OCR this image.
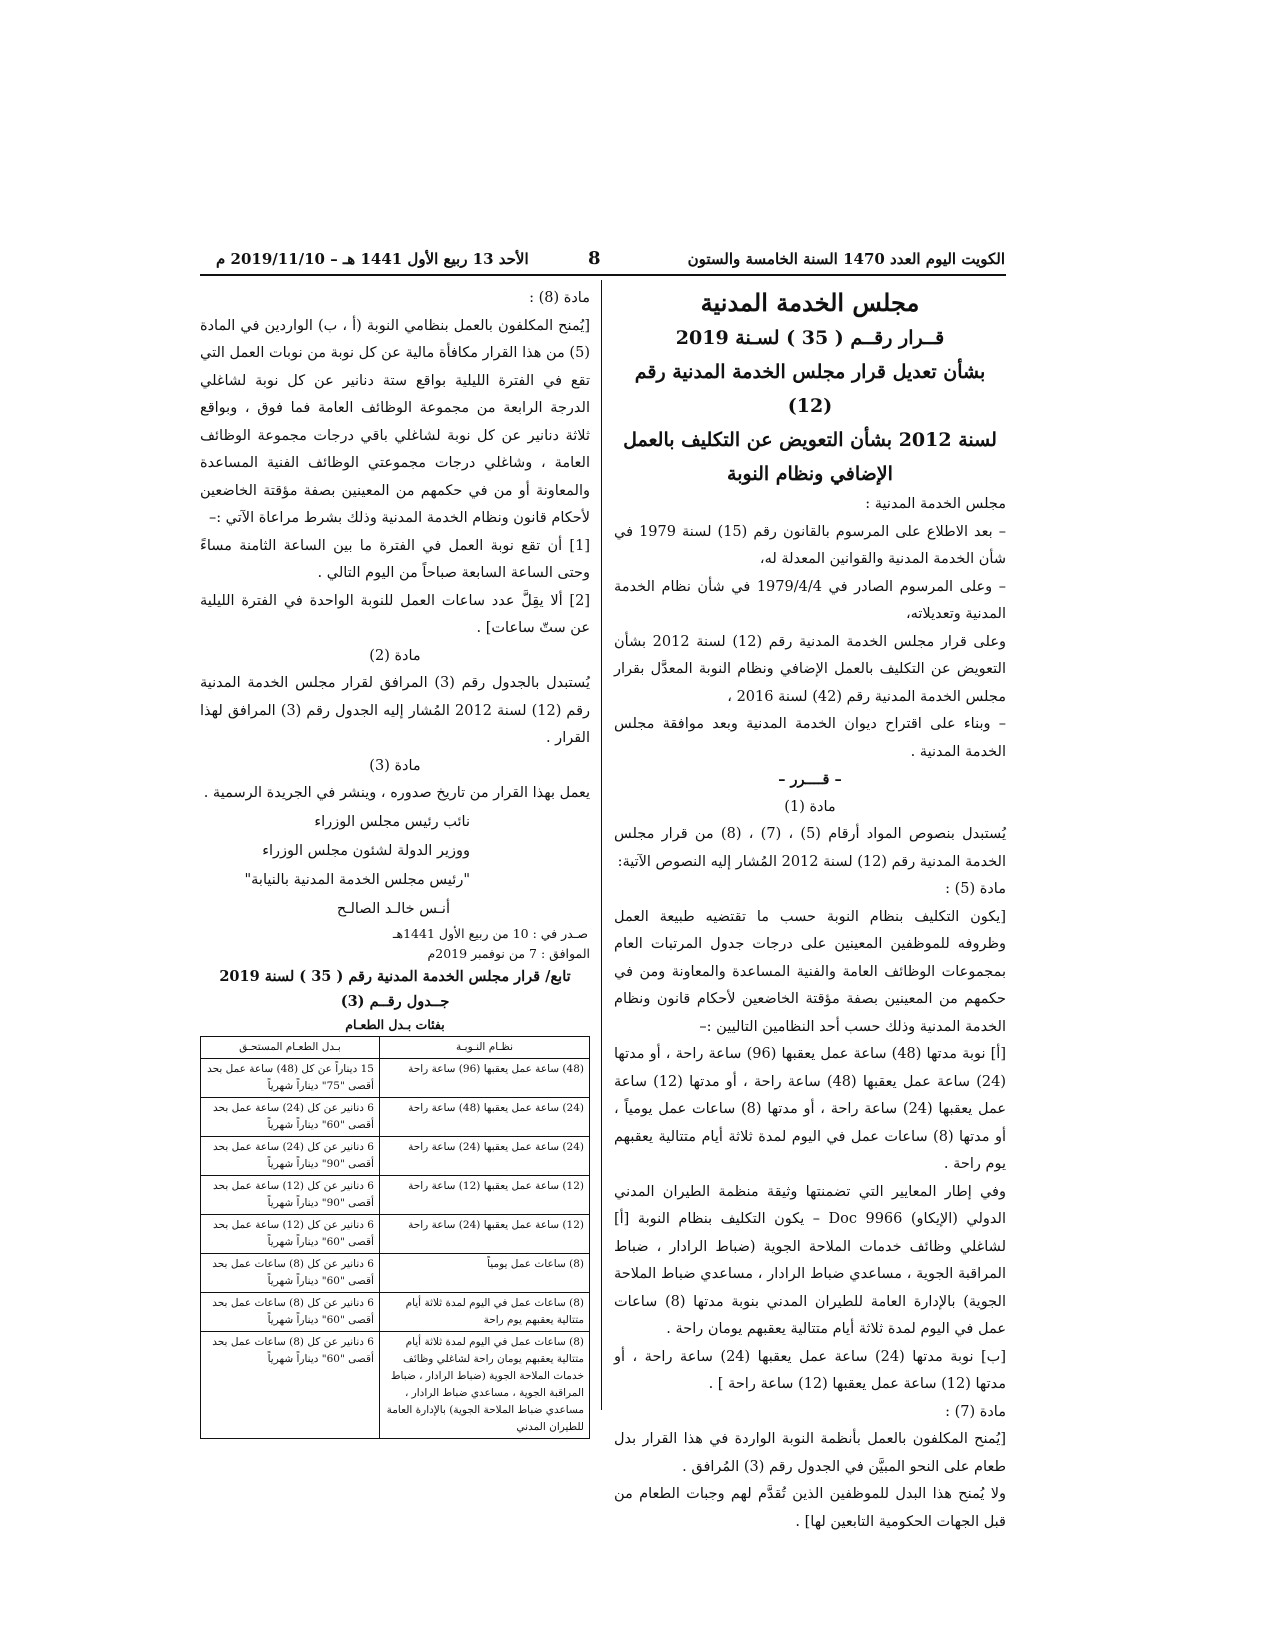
الأحد 13 ربيع الأول 1441 هـ – 2019/11/10 م	8	الكويت اليوم العدد 1470 السنة الخامسة والستون
مجلس الخدمة المدنية
قــرار رقــم ( 35 ) لسـنة 2019
بشأن تعديل قرار مجلس الخدمة المدنية رقم (12)
لسنة 2012 بشأن التعويض عن التكليف بالعمل
الإضافي ونظام النوبة

مجلس الخدمة المدنية :

– بعد الاطلاع على المرسوم بالقانون رقم (15) لسنة 1979 في شأن الخدمة المدنية والقوانين المعدلة له،

– وعلى المرسوم الصادر في 1979/4/4 في شأن نظام الخدمة المدنية وتعديلاته،

وعلى قرار مجلس الخدمة المدنية رقم (12) لسنة 2012 بشأن التعويض عن التكليف بالعمل الإضافي ونظام النوبة المعدَّل بقرار مجلس الخدمة المدنية رقم (42) لسنة 2016 ،

– وبناء على اقتراح ديوان الخدمة المدنية وبعد موافقة مجلس الخدمة المدنية .

– قــــرر –

مادة (1)

يُستبدل بنصوص المواد أرقام (5) ، (7) ، (8) من قرار مجلس الخدمة المدنية رقم (12) لسنة 2012 المُشار إليه النصوص الآتية:

مادة (5) :

[يكون التكليف بنظام النوبة حسب ما تقتضيه طبيعة العمل وظروفه للموظفين المعينين على درجات جدول المرتبات العام بمجموعات الوظائف العامة والفنية المساعدة والمعاونة ومن في حكمهم من المعينين بصفة مؤقتة الخاضعين لأحكام قانون ونظام الخدمة المدنية وذلك حسب أحد النظامين التاليين :–

[أ] نوبة مدتها (48) ساعة عمل يعقبها (96) ساعة راحة ، أو مدتها (24) ساعة عمل يعقبها (48) ساعة راحة ، أو مدتها (12) ساعة عمل يعقبها (24) ساعة راحة ، أو مدتها (8) ساعات عمل يومياً ، أو مدتها (8) ساعات عمل في اليوم لمدة ثلاثة أيام متتالية يعقبهم يوم راحة .

وفي إطار المعايير التي تضمنتها وثيقة منظمة الطيران المدني الدولي (الإيكاو) 9966 Doc – يكون التكليف بنظام النوبة [أ] لشاغلي وظائف خدمات الملاحة الجوية (ضباط الرادار ، ضباط المراقبة الجوية ، مساعدي ضباط الرادار ، مساعدي ضباط الملاحة الجوية) بالإدارة العامة للطيران المدني بنوبة مدتها (8) ساعات عمل في اليوم لمدة ثلاثة أيام متتالية يعقبهم يومان راحة .

[ب] نوبة مدتها (24) ساعة عمل يعقبها (24) ساعة راحة ، أو مدتها (12) ساعة عمل يعقبها (12) ساعة راحة ] .

مادة (7) :

[يُمنح المكلفون بالعمل بأنظمة النوبة الواردة في هذا القرار بدل طعام على النحو المبيَّن في الجدول رقم (3) المُرافق .

ولا يُمنح هذا البدل للموظفين الذين تُقدَّم لهم وجبات الطعام من قبل الجهات الحكومية التابعين لها] .

مادة (8) :

[يُمنح المكلفون بالعمل بنظامي النوبة (أ ، ب) الواردين في المادة (5) من هذا القرار مكافأة مالية عن كل نوبة من نوبات العمل التي تقع في الفترة الليلية بواقع ستة دنانير عن كل نوبة لشاغلي الدرجة الرابعة من مجموعة الوظائف العامة فما فوق ، وبواقع ثلاثة دنانير عن كل نوبة لشاغلي باقي درجات مجموعة الوظائف العامة ، وشاغلي درجات مجموعتي الوظائف الفنية المساعدة والمعاونة أو من في حكمهم من المعينين بصفة مؤقتة الخاضعين لأحكام قانون ونظام الخدمة المدنية وذلك بشرط مراعاة الآتي :–

[1] أن تقع نوبة العمل في الفترة ما بين الساعة الثامنة مساءً وحتى الساعة السابعة صباحاً من اليوم التالي .

[2] ألا يقِلَّ عدد ساعات العمل للنوبة الواحدة في الفترة الليلية عن ستّ ساعات] .

مادة (2)

يُستبدل بالجدول رقم (3) المرافق لقرار مجلس الخدمة المدنية رقم (12) لسنة 2012 المُشار إليه الجدول رقم (3) المرافق لهذا القرار .

مادة (3)

يعمل بهذا القرار من تاريخ صدوره ، وينشر في الجريدة الرسمية .

نائب رئيس مجلس الوزراء
ووزير الدولة لشئون مجلس الوزراء
"رئيس مجلس الخدمة المدنية بالنيابة"
أنـس خالـد الصالـح
صـدر في : 10 من ربيع الأول 1441هـ
الموافق : 7 من نوفمبر 2019م
تابع/ قرار مجلس الخدمة المدنية رقم ( 35 ) لسنة 2019
جــدول رقــم (3)
بفئات بـدل الطعـام
نظـام النـوبـة	بـدل الطعـام المستحـق
(48) ساعة عمل يعقبها (96) ساعة راحة	15 ديناراً عن كل (48) ساعة عمل بحد أقصى "75" ديناراً شهرياً
(24) ساعة عمل يعقبها (48) ساعة راحة	6 دنانير عن كل (24) ساعة عمل بحد أقصى "60" ديناراً شهرياً
(24) ساعة عمل يعقبها (24) ساعة راحة	6 دنانير عن كل (24) ساعة عمل بحد أقصى "90" ديناراً شهرياً
(12) ساعة عمل يعقبها (12) ساعة راحة	6 دنانير عن كل (12) ساعة عمل بحد أقصى "90" ديناراً شهرياً
(12) ساعة عمل يعقبها (24) ساعة راحة	6 دنانير عن كل (12) ساعة عمل بحد أقصى "60" ديناراً شهرياً
(8) ساعات عمل يومياً	6 دنانير عن كل (8) ساعات عمل بحد أقصى "60" ديناراً شهرياً
(8) ساعات عمل في اليوم لمدة ثلاثة أيام متتالية يعقبهم يوم راحة	6 دنانير عن كل (8) ساعات عمل بحد أقصى "60" ديناراً شهرياً
(8) ساعات عمل في اليوم لمدة ثلاثة أيام متتالية يعقبهم يومان راحة لشاغلي وظائف خدمات الملاحة الجوية (ضباط الرادار ، ضباط المراقبة الجوية ، مساعدي ضباط الرادار ، مساعدي ضباط الملاحة الجوية) بالإدارة العامة للطيران المدني	6 دنانير عن كل (8) ساعات عمل بحد أقصى "60" ديناراً شهرياً
